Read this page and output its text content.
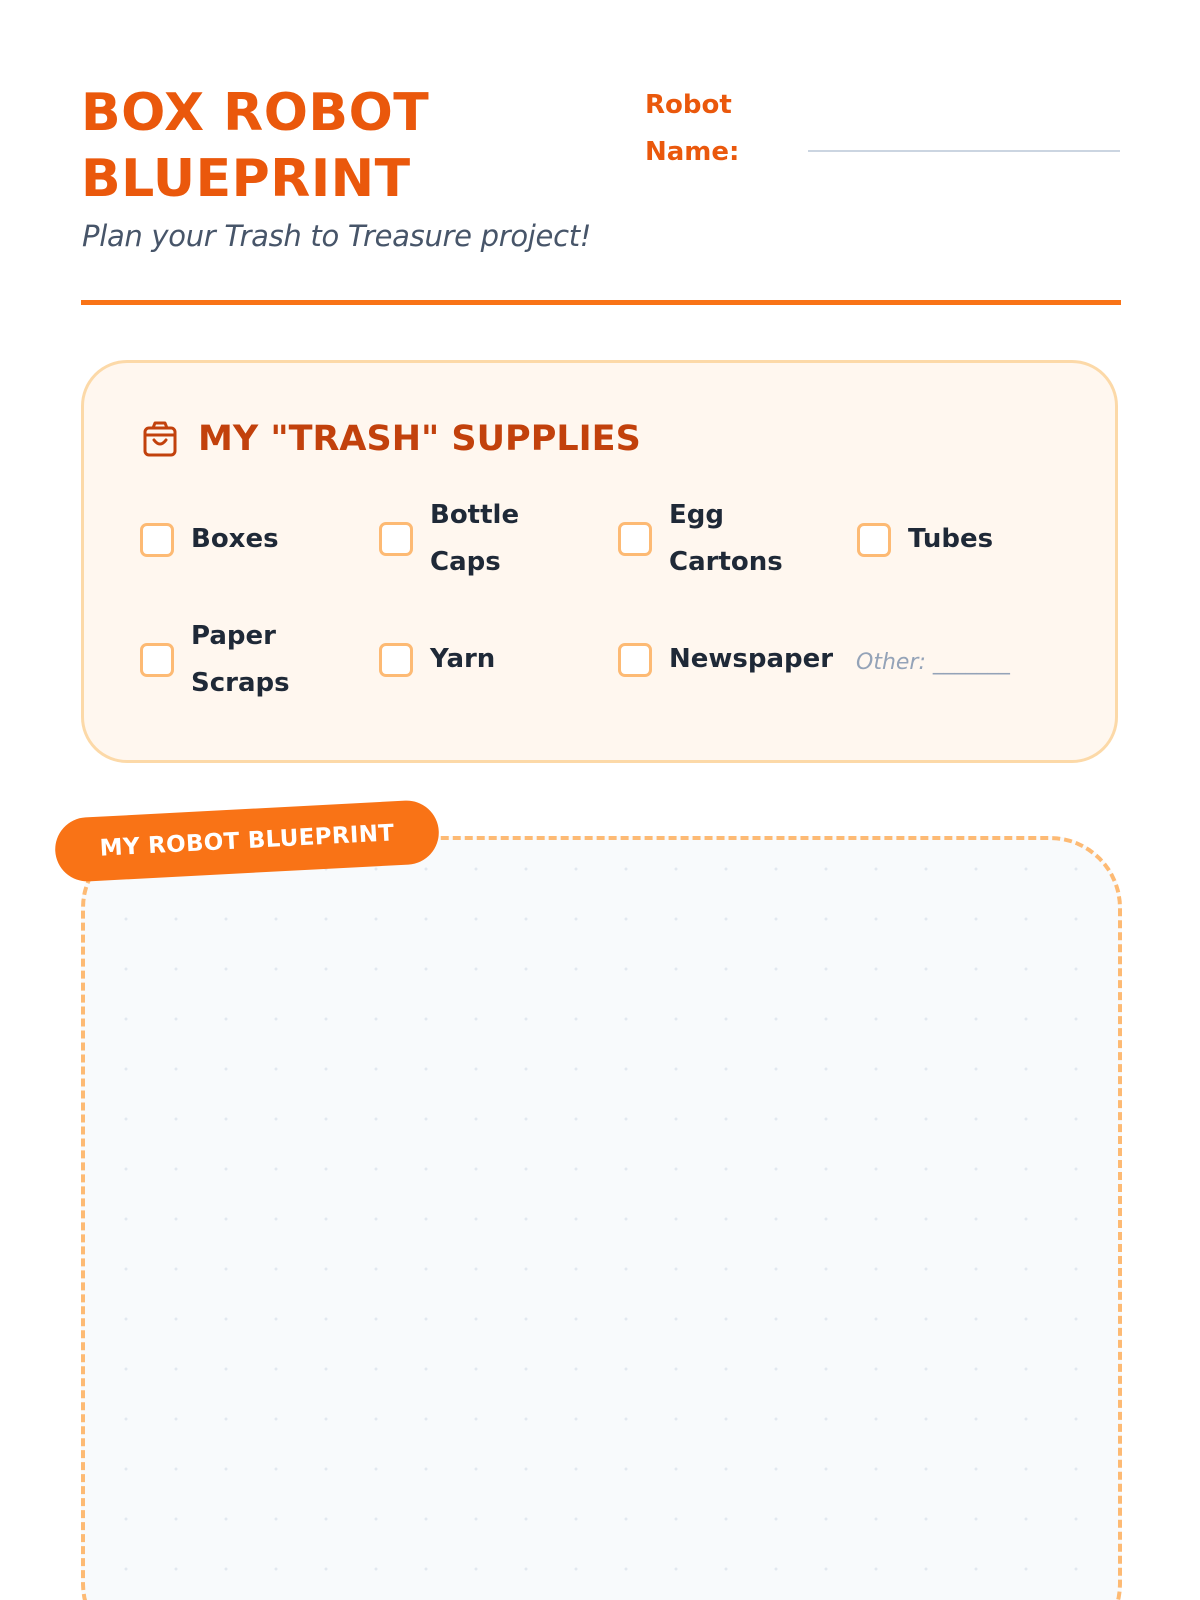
BOX ROBOT BLUEPRINT
Plan your Trash to Treasure project!
Robot Name:
MY "TRASH" SUPPLIES
Boxes
Bottle Caps
Egg Cartons
Tubes
Paper Scraps
Yarn	Newspaper Other: _______
MY ROBOT BLUEPRINT
